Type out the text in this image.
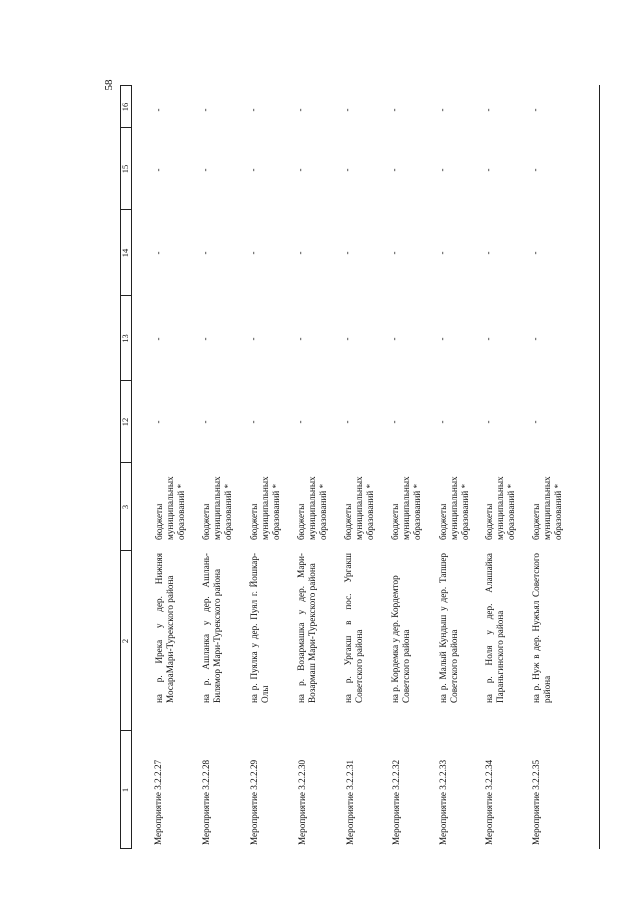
58
1
2
3
12
13
14
15
16
Мероприятие 3.2.2.27
на р. Ирека у дер. Нижняя МосараМари-Турекского района
бюджеты муниципальных образований *
-
-
-
-
-
Мероприятие 3.2.2.28
на р. Ашланка у дер. Ашлань-Билямор Мари-Турекского района
бюджеты муниципальных образований *
-
-
-
-
-
Мероприятие 3.2.2.29
на р. Пуялка у дер. Пуял г. Йошкар-Олы
бюджеты муниципальных образований *
-
-
-
-
-
Мероприятие 3.2.2.30
на р. Возармашка у дер. Мари-Возармаш Мари-Турекского района
бюджеты муниципальных образований *
-
-
-
-
-
Мероприятие 3.2.2.31
на р. Ургакш в пос. Ургакш Советского района
бюджеты муниципальных образований *
-
-
-
-
-
Мероприятие 3.2.2.32
на р. Кордемка у дер. Кордемтор Советского района
бюджеты муниципальных образований *
-
-
-
-
-
Мероприятие 3.2.2.33
на р. Малый Кундыш у дер. Тапшер Советского района
бюджеты муниципальных образований *
-
-
-
-
-
Мероприятие 3.2.2.34
на р. Ноля у дер. Алашайка Параньгинского района
бюджеты муниципальных образований *
-
-
-
-
-
Мероприятие 3.2.2.35
на р. Нуж в дер. Нужъял Советского района
бюджеты муниципальных образований *
-
-
-
-
-
